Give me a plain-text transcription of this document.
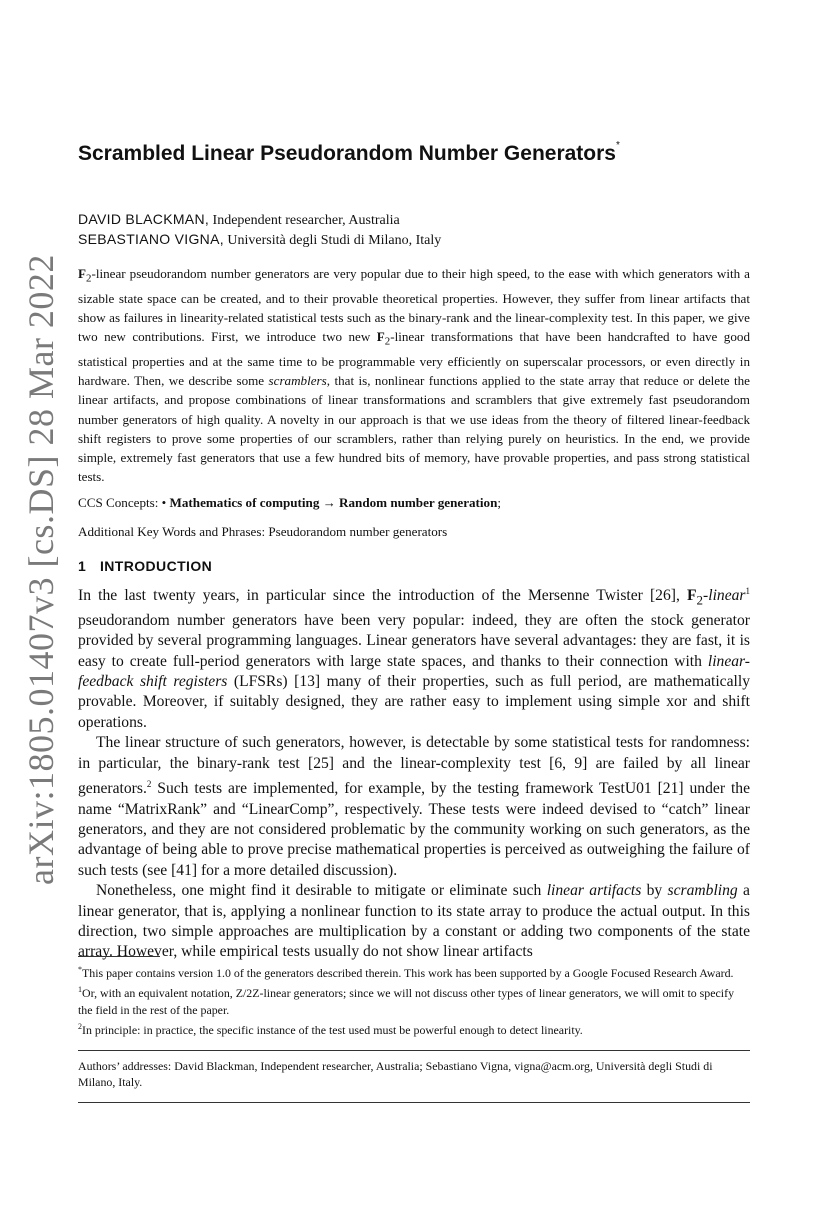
arXiv:1805.01407v3 [cs.DS] 28 Mar 2022
Scrambled Linear Pseudorandom Number Generators*
DAVID BLACKMAN, Independent researcher, Australia
SEBASTIANO VIGNA, Università degli Studi di Milano, Italy
$F_2$-linear pseudorandom number generators are very popular due to their high speed, to the ease with which generators with a sizable state space can be created, and to their provable theoretical properties. However, they suffer from linear artifacts that show as failures in linearity-related statistical tests such as the binary-rank and the linear-complexity test. In this paper, we give two new contributions. First, we introduce two new $F_2$-linear transformations that have been handcrafted to have good statistical properties and at the same time to be programmable very efficiently on superscalar processors, or even directly in hardware. Then, we describe some scramblers, that is, nonlinear functions applied to the state array that reduce or delete the linear artifacts, and propose combinations of linear transformations and scramblers that give extremely fast pseudorandom number generators of high quality. A novelty in our approach is that we use ideas from the theory of filtered linear-feedback shift registers to prove some properties of our scramblers, rather than relying purely on heuristics. In the end, we provide simple, extremely fast generators that use a few hundred bits of memory, have provable properties, and pass strong statistical tests.
CCS Concepts: • Mathematics of computing → Random number generation;
Additional Key Words and Phrases: Pseudorandom number generators
1 INTRODUCTION

In the last twenty years, in particular since the introduction of the Mersenne Twister [26], $F_2-linear^1$ pseudorandom number generators have been very popular: indeed, they are often the stock generator provided by several programming languages. Linear generators have several advantages: they are fast, it is easy to create full-period generators with large state spaces, and thanks to their connection with linear-feedback shift registers (LFSRs) [13] many of their properties, such as full period, are mathematically provable. Moreover, if suitably designed, they are rather easy to implement using simple xor and shift operations.

The linear structure of such generators, however, is detectable by some statistical tests for randomness: in particular, the binary-rank test [25] and the linear-complexity test [6, 9] are failed by all linear generators.$^2$ Such tests are implemented, for example, by the testing framework TestU01 [21] under the name “MatrixRank” and “LinearComp”, respectively. These tests were indeed devised to “catch” linear generators, and they are not considered problematic by the community working on such generators, as the advantage of being able to prove precise mathematical properties is perceived as outweighing the failure of such tests (see [41] for a more detailed discussion).

Nonetheless, one might find it desirable to mitigate or eliminate such linear artifacts by scrambling a linear generator, that is, applying a nonlinear function to its state array to produce the actual output. In this direction, two simple approaches are multiplication by a constant or adding two components of the state array. However, while empirical tests usually do not show linear artifacts

*This paper contains version 1.0 of the generators described therein. This work has been supported by a Google Focused Research Award.

$^1$Or, with an equivalent notation, Z/2Z-linear generators; since we will not discuss other types of linear generators, we will omit to specify the field in the rest of the paper.

$^2$In principle: in practice, the specific instance of the test used must be powerful enough to detect linearity.

Authors’ addresses: David Blackman, Independent researcher, Australia; Sebastiano Vigna, vigna@acm.org, Università degli Studi di Milano, Italy.
